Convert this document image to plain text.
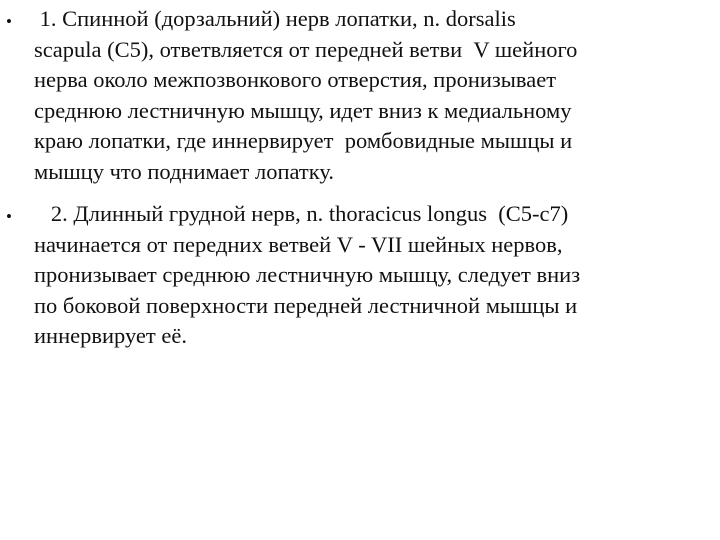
• 1. Спинной (дорзальний) нерв лопатки, n. dorsalis
scapula (C5), ответвляется от передней ветви  V шейного
нерва около межпозвонкового отверстия, пронизывает
среднюю лестничную мышцу, идет вниз к медиальному
краю лопатки, где иннервирует  ромбовидные мышцы и
мышцу что поднимает лопатку.
• 2. Длинный грудной нерв, n. thoracicus longus  (C5-c7)
начинается от передних ветвей V - VII шейных нервов,
пронизывает среднюю лестничную мышцу, следует вниз
по боковой поверхности передней лестничной мышцы и
иннервирует её.
